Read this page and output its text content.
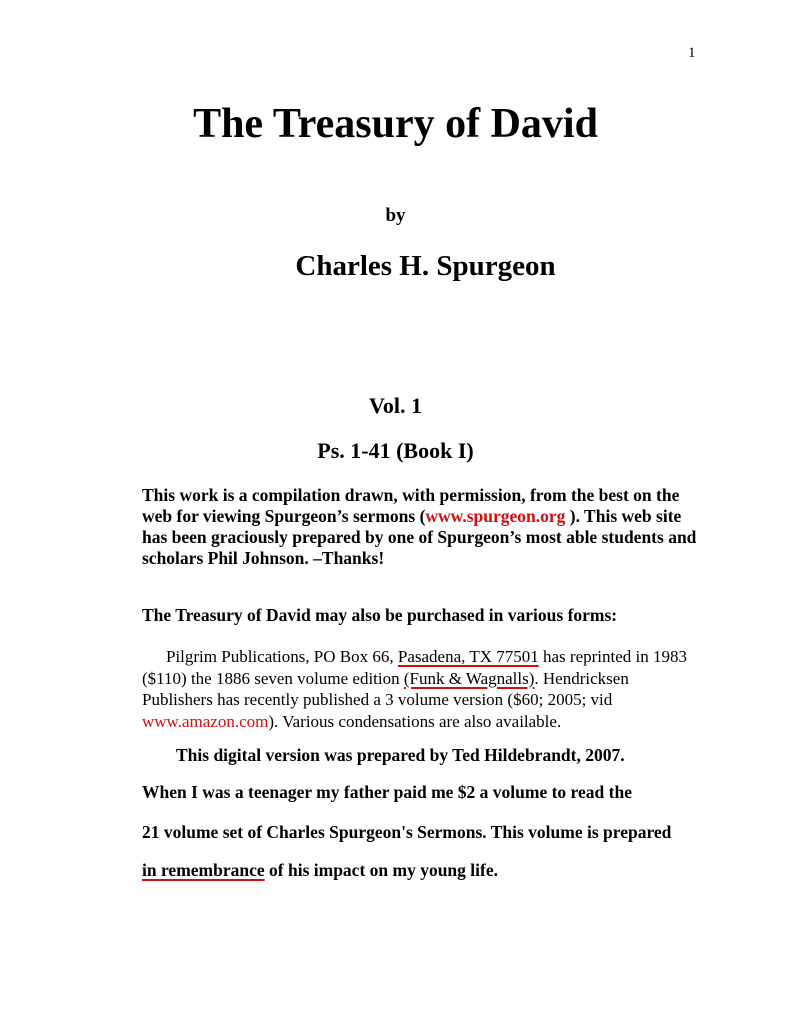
1
The Treasury of David
by
Charles H. Spurgeon
Vol. 1
Ps. 1-41 (Book I)
This work is a compilation drawn, with permission, from the best on the web for viewing Spurgeon’s sermons (www.spurgeon.org ). This web site has been graciously prepared by one of Spurgeon’s most able students and scholars Phil Johnson. –Thanks!
The Treasury of David may also be purchased in various forms:
Pilgrim Publications, PO Box 66, Pasadena, TX 77501 has reprinted in 1983 ($110) the 1886 seven volume edition (Funk & Wagnalls). Hendricksen Publishers has recently published a 3 volume version ($60; 2005; vid www.amazon.com). Various condensations are also available.
This digital version was prepared by Ted Hildebrandt, 2007.
When I was a teenager my father paid me $2 a volume to read the
21 volume set of Charles Spurgeon's Sermons. This volume is prepared
in remembrance of his impact on my young life.
